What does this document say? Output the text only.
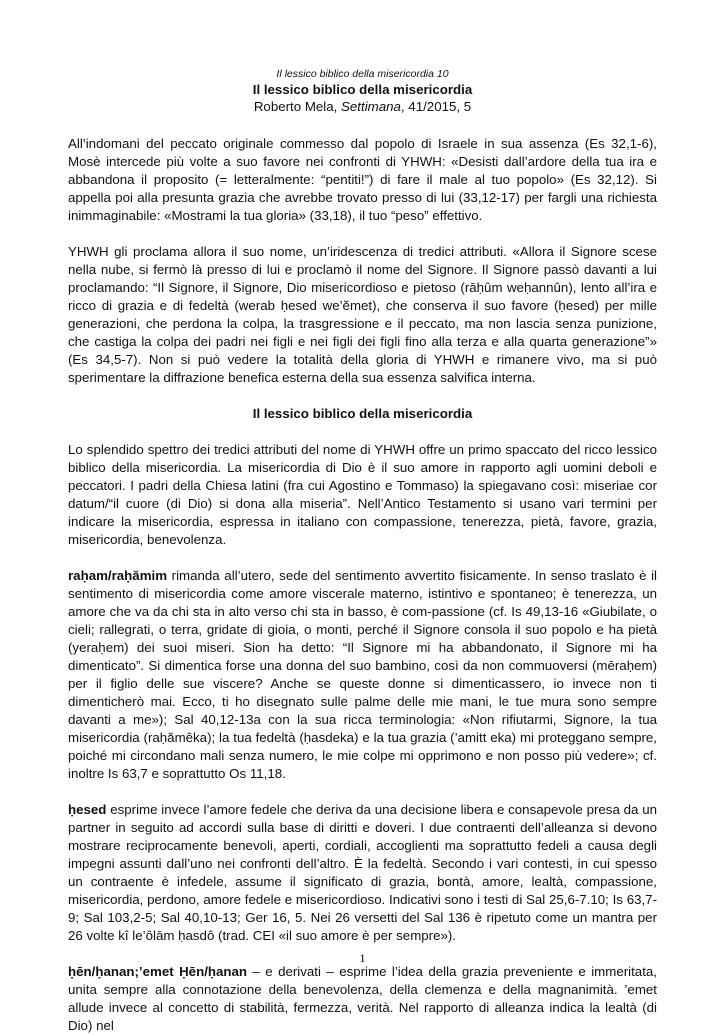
Il lessico biblico della misericordia 10

Il lessico biblico della misericordia

Roberto Mela, Settimana, 41/2015, 5

All’indomani del peccato originale commesso dal popolo di Israele in sua assenza (Es 32,1-6), Mosè intercede più volte a suo favore nei confronti di YHWH: «Desisti dall’ardore della tua ira e abbandona il proposito (= letteralmente: “pentiti!”) di fare il male al tuo popolo» (Es 32,12). Si appella poi alla presunta grazia che avrebbe trovato presso di lui (33,12-17) per fargli una richiesta inimmaginabile: «Mostrami la tua gloria» (33,18), il tuo “peso” effettivo.

YHWH gli proclama allora il suo nome, un’iridescenza di tredici attributi. «Allora il Signore scese nella nube, si fermò là presso di lui e proclamò il nome del Signore. Il Signore passò davanti a lui proclamando: “Il Signore, il Signore, Dio misericordioso e pietoso (rāḥûm weḥannûn), lento all’ira e ricco di grazia e di fedeltà (werab ḥesed we’ĕmet), che conserva il suo favore (ḥesed) per mille generazioni, che perdona la colpa, la trasgressione e il peccato, ma non lascia senza punizione, che castiga la colpa dei padri nei figli e nei figli dei figli fino alla terza e alla quarta generazione”» (Es 34,5-7). Non si può vedere la totalità della gloria di YHWH e rimanere vivo, ma si può sperimentare la diffrazione benefica esterna della sua essenza salvifica interna.

Il lessico biblico della misericordia

Lo splendido spettro dei tredici attributi del nome di YHWH offre un primo spaccato del ricco lessico biblico della misericordia. La misericordia di Dio è il suo amore in rapporto agli uomini deboli e peccatori. I padri della Chiesa latini (fra cui Agostino e Tommaso) la spiegavano così: miseriae cor datum/“il cuore (di Dio) si dona alla miseria”. Nell’Antico Testamento si usano vari termini per indicare la misericordia, espressa in italiano con compassione, tenerezza, pietà, favore, grazia, misericordia, benevolenza.

raḥam/raḥămim rimanda all’utero, sede del sentimento avvertito fisicamente. In senso traslato è il sentimento di misericordia come amore viscerale materno, istintivo e spontaneo; è tenerezza, un amore che va da chi sta in alto verso chi sta in basso, è com-passione (cf. Is 49,13-16 «Giubilate, o cieli; rallegrati, o terra, gridate di gioia, o monti, perché il Signore consola il suo popolo e ha pietà (yeraḥem) dei suoi miseri. Sion ha detto: “Il Signore mi ha abbandonato, il Signore mi ha dimenticato”. Si dimentica forse una donna del suo bambino, così da non commuoversi (mēraḥem) per il figlio delle sue viscere? Anche se queste donne si dimenticassero, io invece non ti dimenticherò mai. Ecco, ti ho disegnato sulle palme delle mie mani, le tue mura sono sempre davanti a me»); Sal 40,12-13a con la sua ricca terminologia: «Non rifiutarmi, Signore, la tua misericordia (raḥămêka); la tua fedeltà (ḥasdeka) e la tua grazia (’amitt eka) mi proteggano sempre, poiché mi circondano mali senza numero, le mie colpe mi opprimono e non posso più vedere»; cf. inoltre Is 63,7 e soprattutto Os 11,18.

ḥesed esprime invece l’amore fedele che deriva da una decisione libera e consapevole presa da un partner in seguito ad accordi sulla base di diritti e doveri. I due contraenti dell’alleanza si devono mostrare reciprocamente benevoli, aperti, cordiali, accoglienti ma soprattutto fedeli a causa degli impegni assunti dall’uno nei confronti dell’altro. È la fedeltà. Secondo i vari contesti, in cui spesso un contraente è infedele, assume il significato di grazia, bontà, amore, lealtà, compassione, misericordia, perdono, amore fedele e misericordioso. Indicativi sono i testi di Sal 25,6-7.10; Is 63,7-9; Sal 103,2-5; Sal 40,10-13; Ger 16, 5. Nei 26 versetti del Sal 136 è ripetuto come un mantra per 26 volte kî le’ôlām ḥasdô (trad. CEI «il suo amore è per sempre»).

ḥēn/ḥanan;’emet Ḥēn/ḥanan – e derivati – esprime l’idea della grazia preveniente e immeritata, unita sempre alla connotazione della benevolenza, della clemenza e della magnanimità. ’emet allude invece al concetto di stabilità, fermezza, verità. Nel rapporto di alleanza indica la lealtà (di Dio) nel

1
